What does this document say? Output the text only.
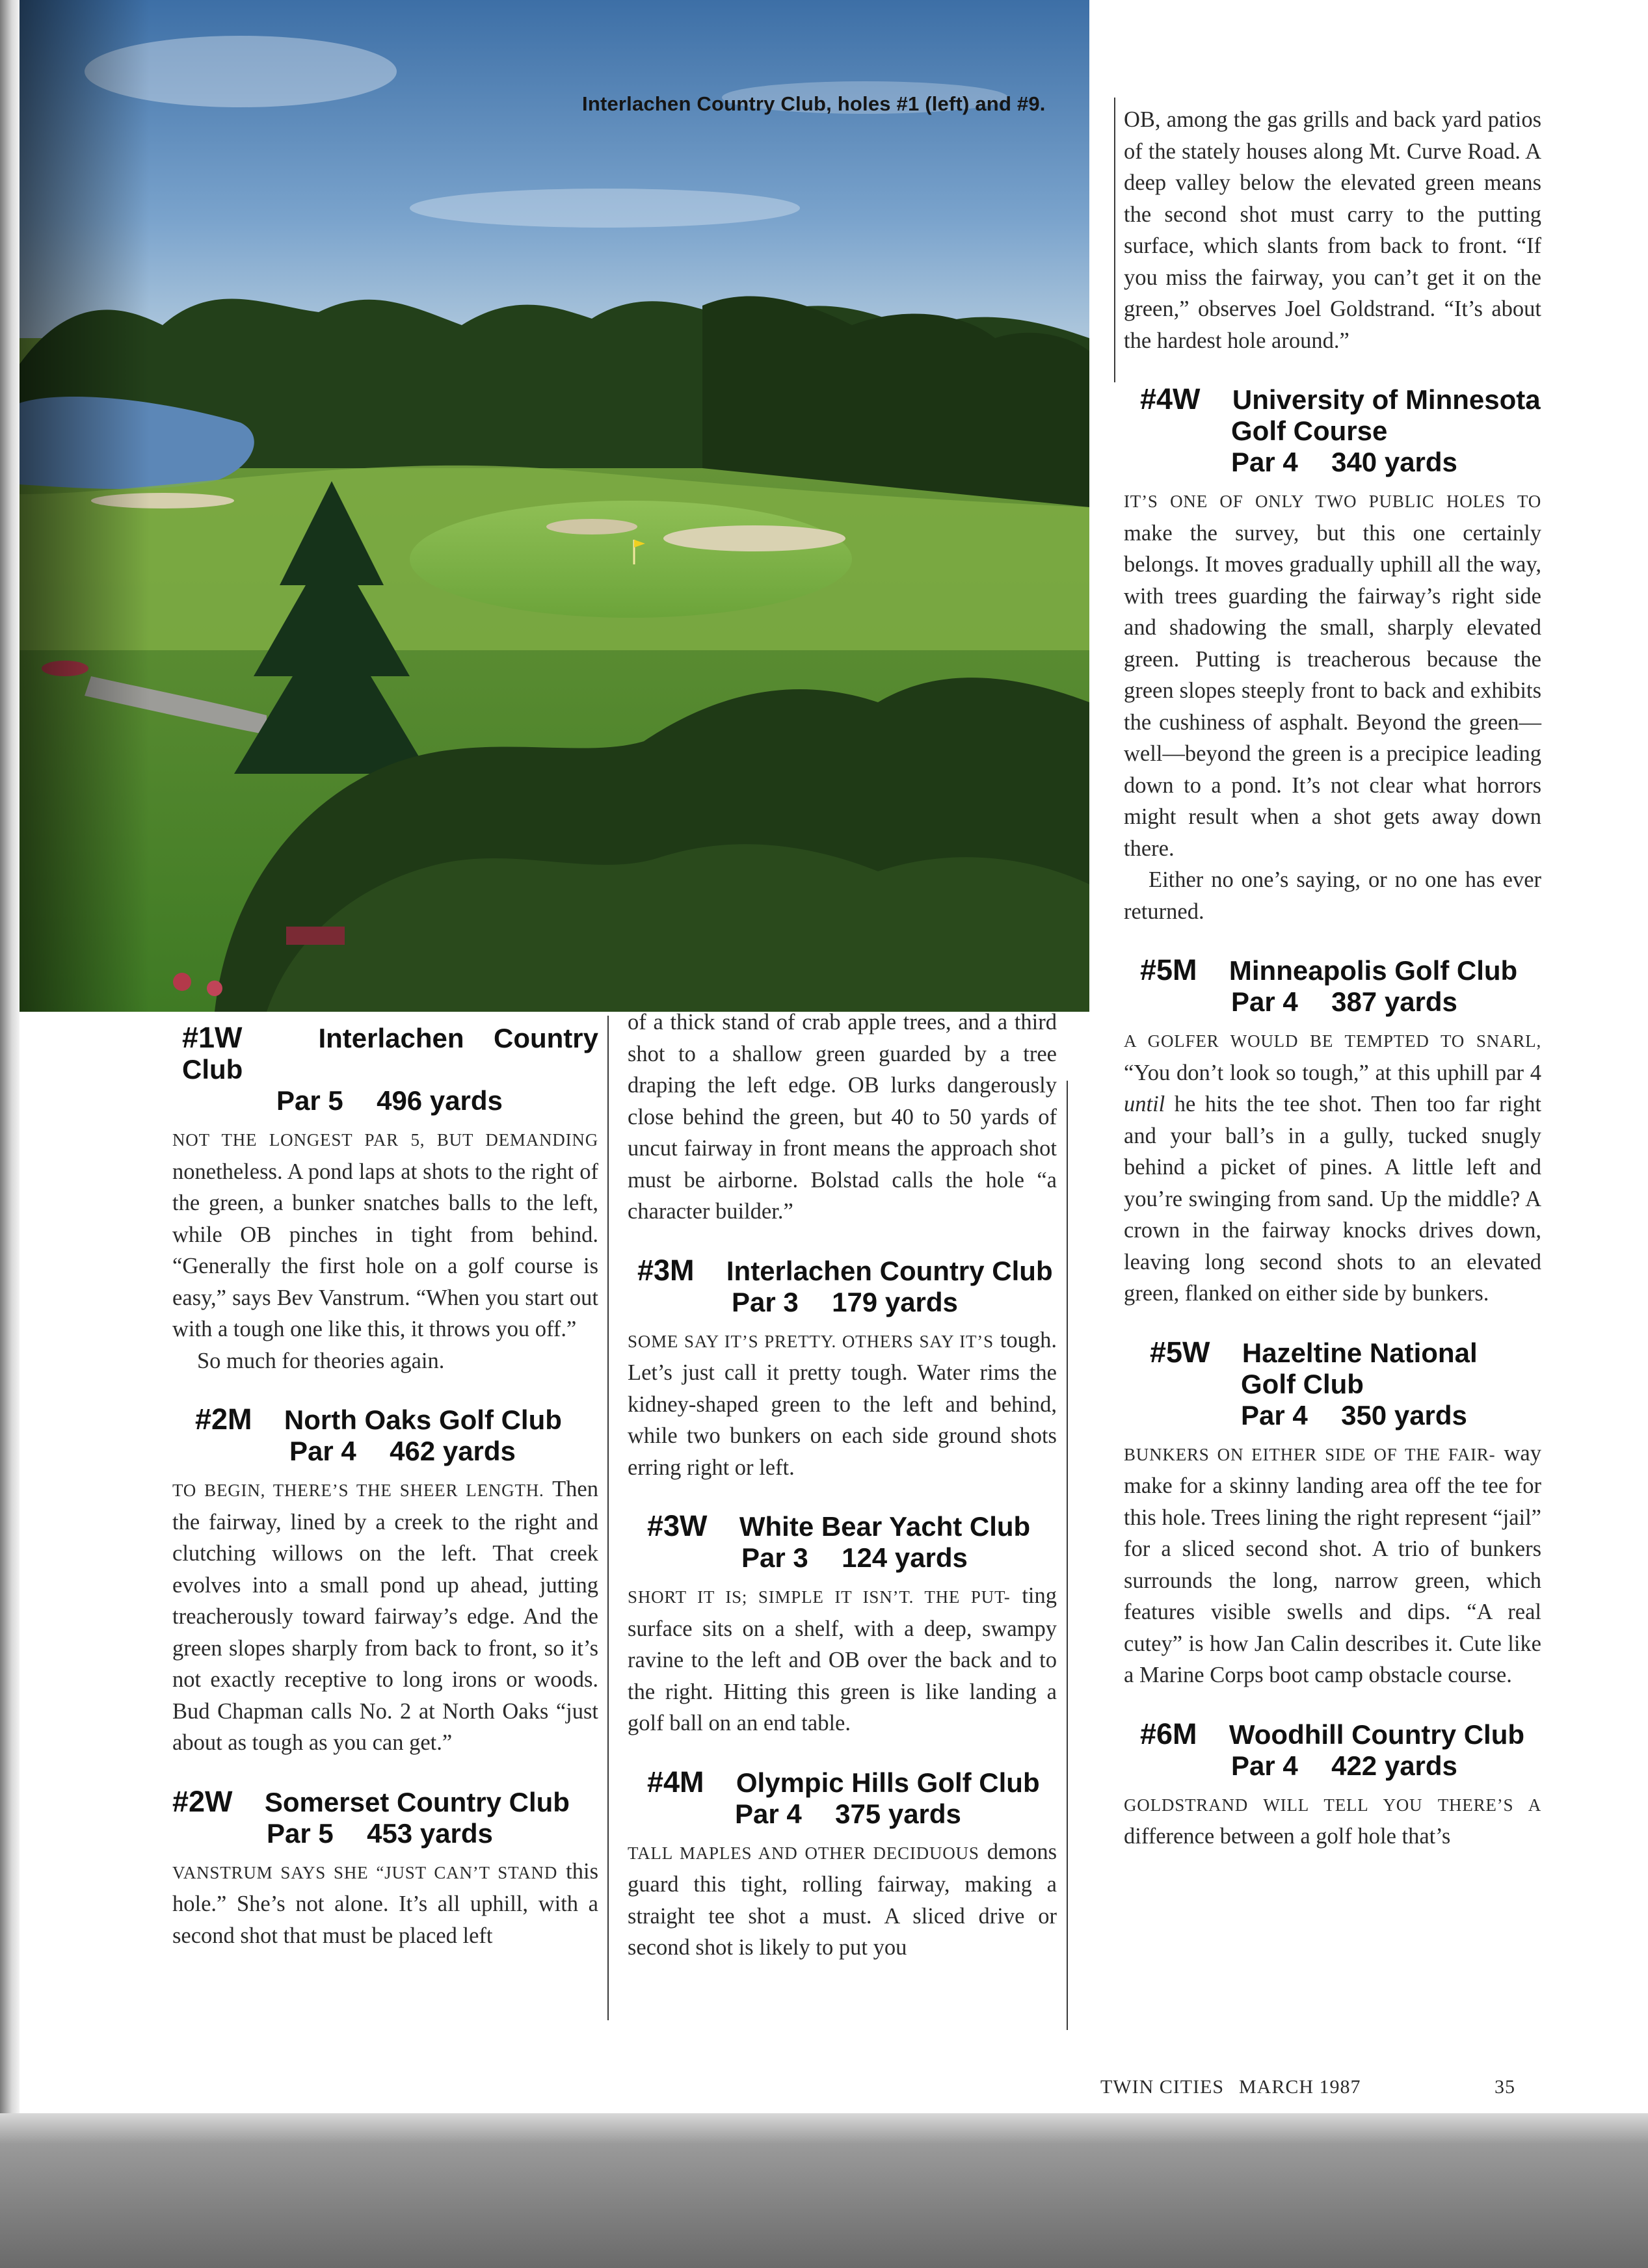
Interlachen Country Club, holes #1 (left) and #9.
#1W	Interlachen Country Club
Par 5 496 yards

NOT THE LONGEST PAR 5, BUT DEMANDING nonetheless. A pond laps at shots to the right of the green, a bunker snatches balls to the left, while OB pinches in tight from behind. “Generally the first hole on a golf course is easy,” says Bev Vanstrum. “When you start out with a tough one like this, it throws you off.”

So much for theories again.

#2M North Oaks Golf Club
Par 4 462 yards

TO BEGIN, THERE’S THE SHEER LENGTH. Then the fairway, lined by a creek to the right and clutching willows on the left. That creek evolves into a small pond up ahead, jutting treacherously toward fairway’s edge. And the green slopes sharply from back to front, so it’s not exactly receptive to long irons or woods. Bud Chapman calls No. 2 at North Oaks “just about as tough as you can get.”

#2W Somerset Country Club
Par 5 453 yards

VANSTRUM SAYS SHE “JUST CAN’T STAND this hole.” She’s not alone. It’s all uphill, with a second shot that must be placed left

of a thick stand of crab apple trees, and a third shot to a shallow green guarded by a tree draping the left edge. OB lurks dangerously close behind the green, but 40 to 50 yards of uncut fairway in front means the approach shot must be airborne. Bolstad calls the hole “a character builder.”

#3M Interlachen Country Club
Par 3 179 yards

SOME SAY IT’S PRETTY. OTHERS SAY IT’S tough. Let’s just call it pretty tough. Water rims the kidney-shaped green to the left and behind, while two bunkers on each side ground shots erring right or left.

#3W White Bear Yacht Club
Par 3 124 yards

SHORT IT IS; SIMPLE IT ISN’T. THE PUT- ting surface sits on a shelf, with a deep, swampy ravine to the left and OB over the back and to the right. Hitting this green is like landing a golf ball on an end table.

#4M Olympic Hills Golf Club
Par 4 375 yards

TALL MAPLES AND OTHER DECIDUOUS demons guard this tight, rolling fairway, making a straight tee shot a must. A sliced drive or second shot is likely to put you

OB, among the gas grills and back yard patios of the stately houses along Mt. Curve Road. A deep valley below the elevated green means the second shot must carry to the putting surface, which slants from back to front. “If you miss the fairway, you can’t get it on the green,” observes Joel Goldstrand. “It’s about the hardest hole around.”

#4W University of Minnesota
Golf Course
Par 4 340 yards

IT’S ONE OF ONLY TWO PUBLIC HOLES TO make the survey, but this one certainly belongs. It moves gradually uphill all the way, with trees guarding the fairway’s right side and shadowing the small, sharply elevated green. Putting is treacherous because the green slopes steeply front to back and exhibits the cushiness of asphalt. Beyond the green—well—beyond the green is a precipice leading down to a pond. It’s not clear what horrors might result when a shot gets away down there.

Either no one’s saying, or no one has ever returned.

#5M Minneapolis Golf Club
Par 4 387 yards

A GOLFER WOULD BE TEMPTED TO SNARL, “You don’t look so tough,” at this uphill par 4 until he hits the tee shot. Then too far right and your ball’s in a gully, tucked snugly behind a picket of pines. A little left and you’re swinging from sand. Up the middle? A crown in the fairway knocks drives down, leaving long second shots to an elevated green, flanked on either side by bunkers.

#5W Hazeltine National
Golf Club
Par 4 350 yards

BUNKERS ON EITHER SIDE OF THE FAIR- way make for a skinny landing area off the tee for this hole. Trees lining the right represent “jail” for a sliced second shot. A trio of bunkers surrounds the long, narrow green, which features visible swells and dips. “A real cutey” is how Jan Calin describes it. Cute like a Marine Corps boot camp obstacle course.

#6M Woodhill Country Club
Par 4 422 yards

GOLDSTRAND WILL TELL YOU THERE’S A difference between a golf hole that’s

TWIN CITIES MARCH 1987	35
